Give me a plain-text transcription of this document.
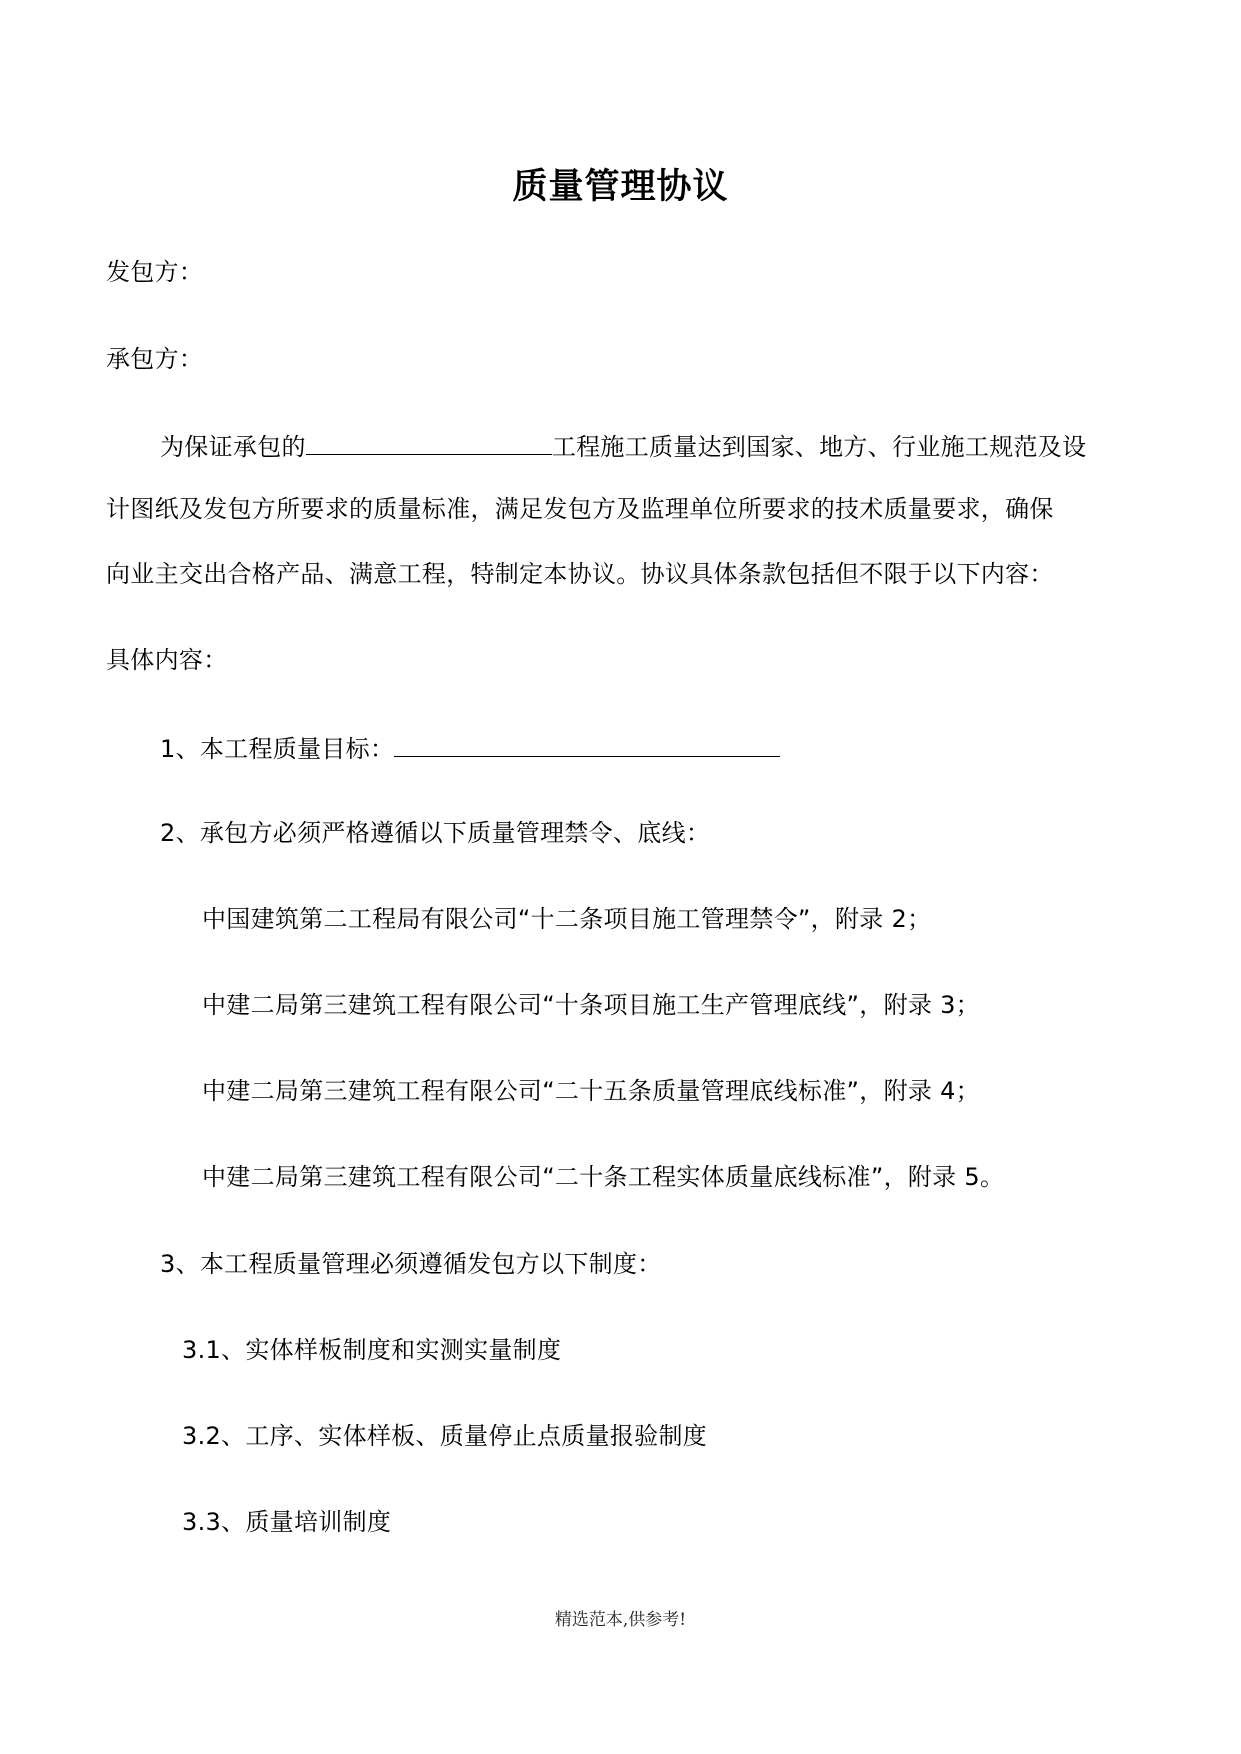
质量管理协议
发包方：
承包方：
为保证承包的	工程施工质量达到国家、地方、行业施工规范及设
计图纸及发包方所要求的质量标准，满足发包方及监理单位所要求的技术质量要求，确保
向业主交出合格产品、满意工程，特制定本协议。协议具体条款包括但不限于以下内容：
具体内容：
1、本工程质量目标：
2、承包方必须严格遵循以下质量管理禁令、底线：
中国建筑第二工程局有限公司“十二条项目施工管理禁令”，附录 2；
中建二局第三建筑工程有限公司“十条项目施工生产管理底线”，附录 3；
中建二局第三建筑工程有限公司“二十五条质量管理底线标准”，附录 4；
中建二局第三建筑工程有限公司“二十条工程实体质量底线标准”，附录 5。
3、本工程质量管理必须遵循发包方以下制度：
3.1、实体样板制度和实测实量制度
3.2、工序、实体样板、质量停止点质量报验制度
3.3、质量培训制度
精选范本,供参考!
